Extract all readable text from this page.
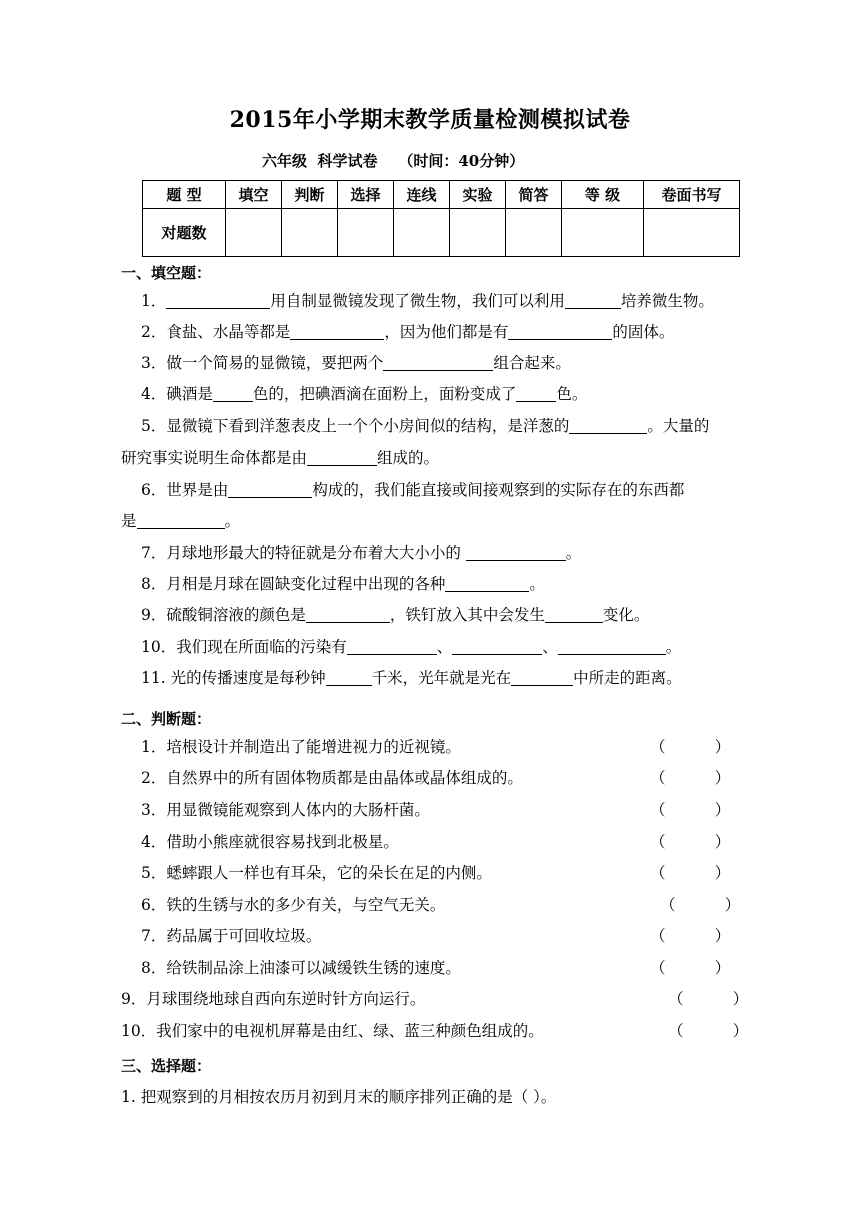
2015年小学期末教学质量检测模拟试卷
六年级  科学试卷    （时间：40分钟）
题 型	填空	判断	选择	连线	实验	简答	等 级	卷面书写
对题数								
一、填空题：
1．	用自制显微镜发现了微生物，我们可以利用	培养微生物。
2．食盐、水晶等都是	，因为他们都是有	的固体。
3．做一个简易的显微镜，要把两个	组合起来。
4．碘酒是	色的，把碘酒滴在面粉上，面粉变成了	色。
5．显微镜下看到洋葱表皮上一个个小房间似的结构，是洋葱的	。大量的
研究事实说明生命体都是由	组成的。
6．世界是由	构成的，我们能直接或间接观察到的实际存在的东西都
是	。
7．月球地形最大的特征就是分布着大大小小的	。
8．月相是月球在圆缺变化过程中出现的各种	。
9．硫酸铜溶液的颜色是	，铁钉放入其中会发生	变化。
10．我们现在所面临的污染有	、	、	。
11. 光的传播速度是每秒钟	千米，光年就是光在	中所走的距离。
二、判断题：
1．培根设计并制造出了能增进视力的近视镜。	（          ）
2．自然界中的所有固体物质都是由晶体或晶体组成的。	（          ）
3．用显微镜能观察到人体内的大肠杆菌。	（          ）
4．借助小熊座就很容易找到北极星。	（          ）
5．蟋蟀跟人一样也有耳朵，它的朵长在足的内侧。	（          ）
6．铁的生锈与水的多少有关，与空气无关。	（          ）
7．药品属于可回收垃圾。	（          ）
8．给铁制品涂上油漆可以减缓铁生锈的速度。	（          ）
9．月球围绕地球自西向东逆时针方向运行。	（          ）
10．我们家中的电视机屏幕是由红、绿、蓝三种颜色组成的。	（          ）
三、选择题：
1. 把观察到的月相按农历月初到月末的顺序排列正确的是（ ）。
